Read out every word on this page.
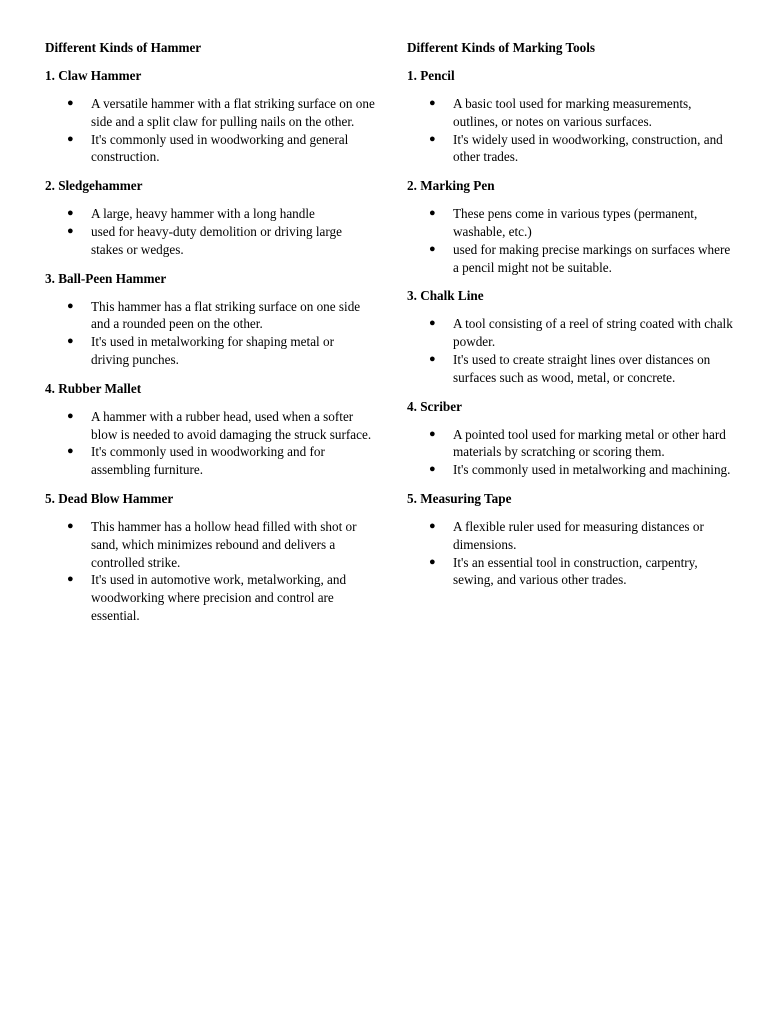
Different Kinds of Hammer
1. Claw Hammer
● A versatile hammer with a flat striking surface on one side and a split claw for pulling nails on the other.
● It's commonly used in woodworking and general construction.
2. Sledgehammer
● A large, heavy hammer with a long handle
● used for heavy-duty demolition or driving large stakes or wedges.
3. Ball-Peen Hammer
● This hammer has a flat striking surface on one side and a rounded peen on the other.
● It's used in metalworking for shaping metal or driving punches.
4. Rubber Mallet
● A hammer with a rubber head, used when a softer blow is needed to avoid damaging the struck surface.
● It's commonly used in woodworking and for assembling furniture.
5. Dead Blow Hammer
● This hammer has a hollow head filled with shot or sand, which minimizes rebound and delivers a controlled strike.
● It's used in automotive work, metalworking, and woodworking where precision and control are essential.
Different Kinds of Marking Tools
1. Pencil
● A basic tool used for marking measurements, outlines, or notes on various surfaces.
● It's widely used in woodworking, construction, and other trades.
2. Marking Pen
● These pens come in various types (permanent, washable, etc.)
● used for making precise markings on surfaces where a pencil might not be suitable.
3. Chalk Line
● A tool consisting of a reel of string coated with chalk powder.
● It's used to create straight lines over distances on surfaces such as wood, metal, or concrete.
4. Scriber
● A pointed tool used for marking metal or other hard materials by scratching or scoring them.
● It's commonly used in metalworking and machining.
5. Measuring Tape
● A flexible ruler used for measuring distances or dimensions.
● It's an essential tool in construction, carpentry, sewing, and various other trades.
